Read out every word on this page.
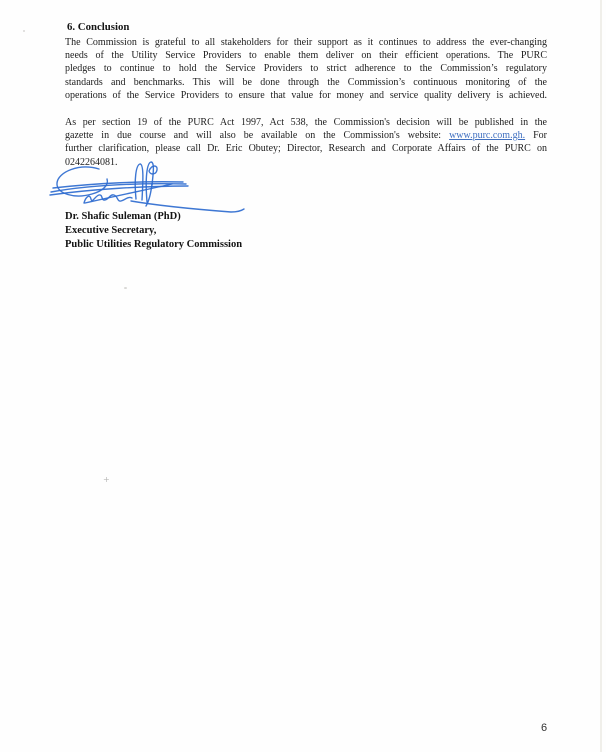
6. Conclusion
The Commission is grateful to all stakeholders for their support as it continues to address the ever-changing
needs of the Utility Service Providers to enable them deliver on their efficient operations. The PURC
pledges to continue to hold the Service Providers to strict adherence to the Commission’s regulatory
standards and benchmarks. This will be done through the Commission’s continuous monitoring of the
operations of the Service Providers to ensure that value for money and service quality delivery is achieved.
As per section 19 of the PURC Act 1997, Act 538, the Commission's decision will be published in the
gazette in due course and will also be available on the Commission's website: www.purc.com.gh. For
further clarification, please call Dr. Eric Obutey; Director, Research and Corporate Affairs of the PURC on
0242264081.
Dr. Shafic Suleman (PhD)
Executive Secretary,
Public Utilities Regulatory Commission
6
+
